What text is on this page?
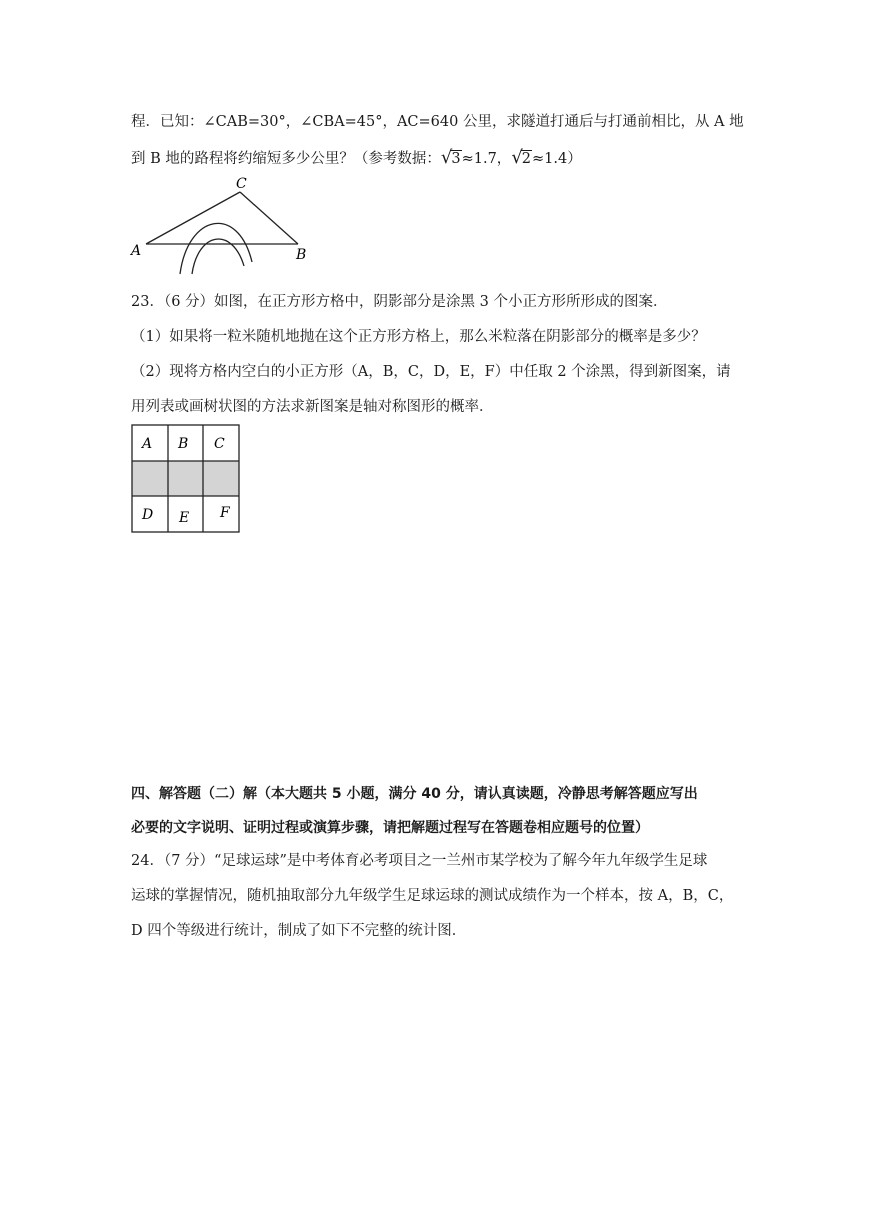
程．已知：∠CAB=30°，∠CBA=45°，AC=640 公里，求隧道打通后与打通前相比，从 A 地
到 B 地的路程将约缩短多少公里？（参考数据：√3≈1.7，√2≈1.4）
C
A	B
23．（6 分）如图，在正方形方格中，阴影部分是涂黑 3 个小正方形所形成的图案．
（1）如果将一粒米随机地抛在这个正方形方格上，那么米粒落在阴影部分的概率是多少？
（2）现将方格内空白的小正方形（A，B，C，D，E，F）中任取 2 个涂黑，得到新图案，请
用列表或画树状图的方法求新图案是轴对称图形的概率．
A B C
D E F
四、解答题（二）解（本大题共 5 小题，满分 40 分，请认真读题，冷静思考解答题应写出
必要的文字说明、证明过程或演算步骤，请把解题过程写在答题卷相应题号的位置）
24．（7 分）“足球运球”是中考体育必考项目之一兰州市某学校为了解今年九年级学生足球
运球的掌握情况，随机抽取部分九年级学生足球运球的测试成绩作为一个样本，按 A，B，C，
D 四个等级进行统计，制成了如下不完整的统计图．
